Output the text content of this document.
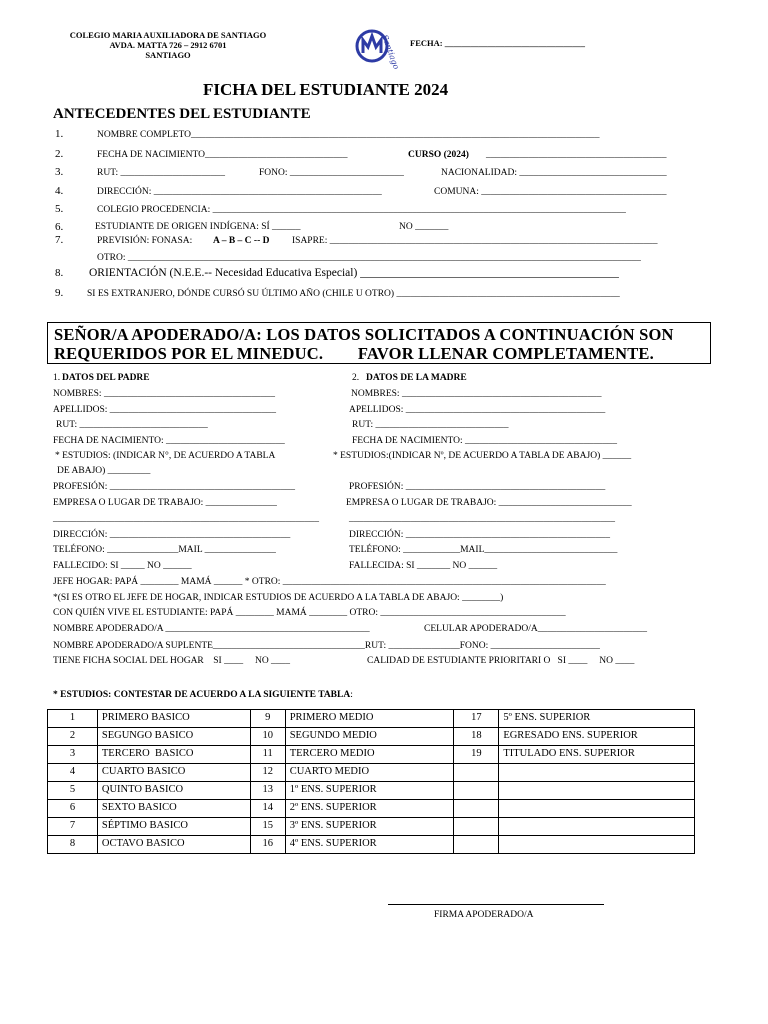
COLEGIO MARIA AUXILIADORA DE SANTIAGO
AVDA. MATTA 726 – 2912 6701
SANTIAGO	Santiago FECHA: _________________________________
FICHA DEL ESTUDIANTE 2024
ANTECEDENTES DEL ESTUDIANTE
1.	NOMBRE COMPLETO______________________________________________________________________________________
2.	FECHA DE NACIMIENTO______________________________	CURSO (2024) ______________________________________
3.	RUT: ______________________	FONO: ________________________	NACIONALIDAD: _______________________________
4.	DIRECCIÓN: ________________________________________________	COMUNA: _______________________________________
5.	COLEGIO PROCEDENCIA: _______________________________________________________________________________________
6.	ESTUDIANTE DE ORIGEN INDÍGENA: SÍ ______	NO _______
7.	PREVISIÓN: FONASA: A – B – C -- D ISAPRE: _____________________________________________________________________
OTRO: ____________________________________________________________________________________________________________
8. ORIENTACIÓN (N.E.E.-- Necesidad Educativa Especial) _____________________________________________
9.	SI ES EXTRANJERO, DÓNDE CURSÓ SU ÚLTIMO AÑO (CHILE U OTRO) _______________________________________________
SEÑOR/A APODERADO/A: LOS DATOS SOLICITADOS A CONTINUACIÓN SON
REQUERIDOS POR EL MINEDUC.        FAVOR LLENAR COMPLETAMENTE.
1. DATOS DEL PADRE
NOMBRES: ____________________________________
APELLIDOS: ___________________________________
RUT: ___________________________
FECHA DE NACIMIENTO: _________________________
* ESTUDIOS: (INDICAR N°, DE ACUERDO A TABLA
DE ABAJO) _________
PROFESIÓN: _______________________________________
EMPRESA O LUGAR DE TRABAJO: _______________
________________________________________________________
DIRECCIÓN: ______________________________________
TELÉFONO: _______________MAIL _______________
FALLECIDO: SI _____ NO ______
2. DATOS DE LA MADRE
NOMBRES: __________________________________________
APELLIDOS: __________________________________________
RUT: ____________________________
FECHA DE NACIMIENTO: ________________________________
* ESTUDIOS:(INDICAR Nº, DE ACUERDO A TABLA DE ABAJO) ______
PROFESIÓN: __________________________________________
EMPRESA O LUGAR DE TRABAJO: ____________________________
________________________________________________________
DIRECCIÓN: ___________________________________________
TELÉFONO: ____________MAIL____________________________
FALLECIDA: SI _______ NO ______
JEFE HOGAR: PAPÁ ________ MAMÁ ______ * OTRO: ____________________________________________________________________
*(SI ES OTRO EL JEFE DE HOGAR, INDICAR ESTUDIOS DE ACUERDO A LA TABLA DE ABAJO: ________)
CON QUIÉN VIVE EL ESTUDIANTE: PAPÁ ________ MAMÁ ________ OTRO: _______________________________________
NOMBRE APODERADO/A ___________________________________________	CELULAR APODERADO/A_______________________
NOMBRE APODERADO/A SUPLENTE________________________________RUT: _______________FONO: _______________________
TIENE FICHA SOCIAL DEL HOGAR    SI ____     NO ____	CALIDAD DE ESTUDIANTE PRIORITARI O   SI ____     NO ____
* ESTUDIOS: CONTESTAR DE ACUERDO A LA SIGUIENTE TABLA:
1	PRIMERO BASICO	9	PRIMERO MEDIO	17	5º ENS. SUPERIOR
2	SEGUNGO BASICO	10	SEGUNDO MEDIO	18	EGRESADO ENS. SUPERIOR
3	TERCERO  BASICO	11	TERCERO MEDIO	19	TITULADO ENS. SUPERIOR
4	CUARTO BASICO	12	CUARTO MEDIO		
5	QUINTO BASICO	13	1º ENS. SUPERIOR		
6	SEXTO BASICO	14	2º ENS. SUPERIOR		
7	SÉPTIMO BASICO	15	3º ENS. SUPERIOR		
8	OCTAVO BASICO	16	4º ENS. SUPERIOR		
FIRMA APODERADO/A
